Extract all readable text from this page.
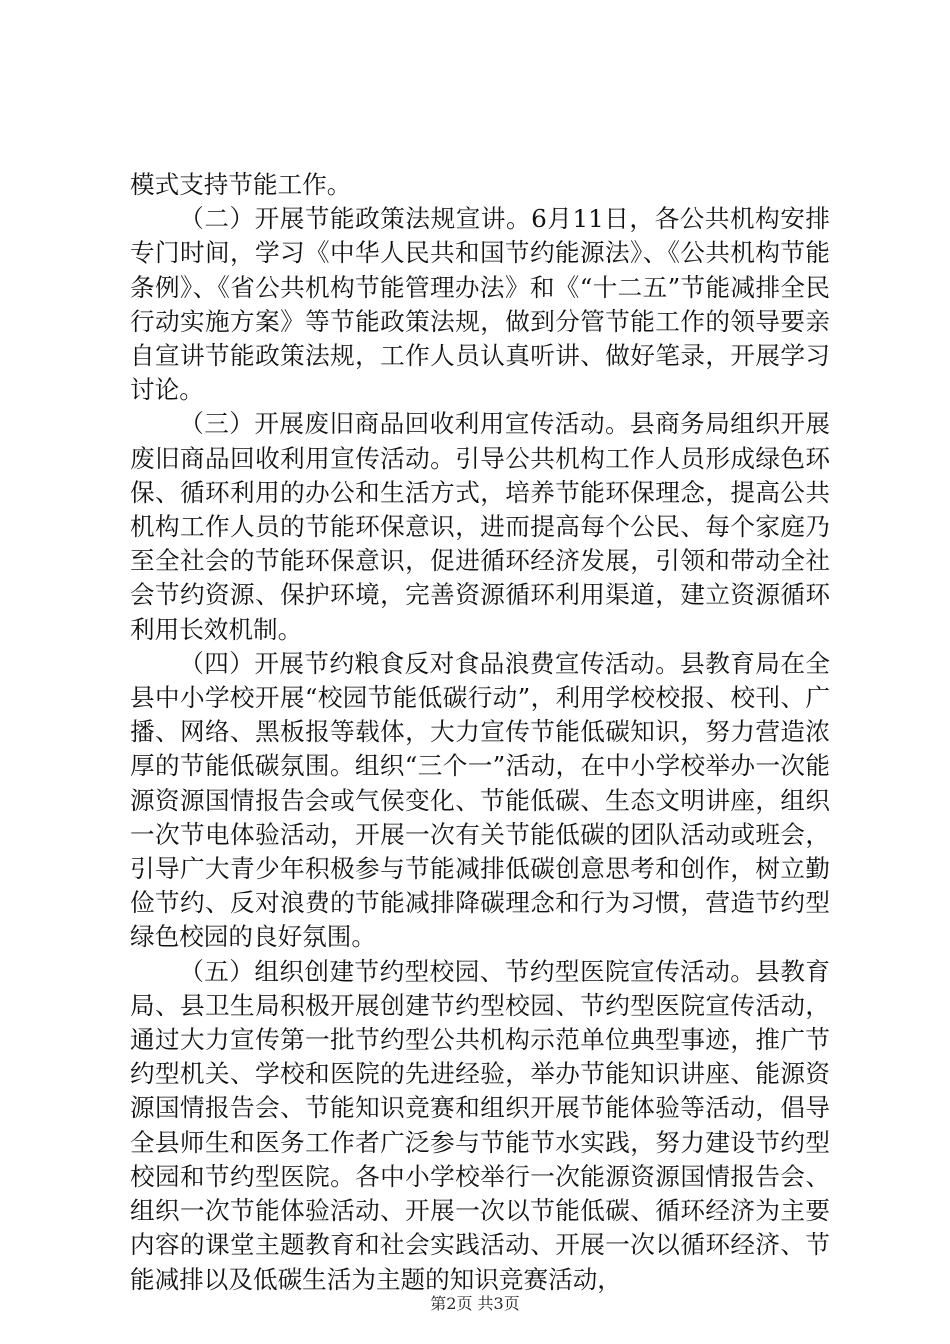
模式支持节能工作。

（二）开展节能政策法规宣讲。6月11日，各公共机构安排专门时间，学习《中华人民共和国节约能源法》、《公共机构节能条例》、《省公共机构节能管理办法》和《“十二五”节能减排全民行动实施方案》等节能政策法规，做到分管节能工作的领导要亲自宣讲节能政策法规，工作人员认真听讲、做好笔录，开展学习讨论。

（三）开展废旧商品回收利用宣传活动。县商务局组织开展废旧商品回收利用宣传活动。引导公共机构工作人员形成绿色环保、循环利用的办公和生活方式，培养节能环保理念，提高公共机构工作人员的节能环保意识，进而提高每个公民、每个家庭乃至全社会的节能环保意识，促进循环经济发展，引领和带动全社会节约资源、保护环境，完善资源循环利用渠道，建立资源循环利用长效机制。

（四）开展节约粮食反对食品浪费宣传活动。县教育局在全县中小学校开展“校园节能低碳行动”，利用学校校报、校刊、广播、网络、黑板报等载体，大力宣传节能低碳知识，努力营造浓厚的节能低碳氛围。组织“三个一”活动，在中小学校举办一次能源资源国情报告会或气侯变化、节能低碳、生态文明讲座，组织一次节电体验活动，开展一次有关节能低碳的团队活动或班会，引导广大青少年积极参与节能减排低碳创意思考和创作，树立勤俭节约、反对浪费的节能减排降碳理念和行为习惯，营造节约型绿色校园的良好氛围。

（五）组织创建节约型校园、节约型医院宣传活动。县教育局、县卫生局积极开展创建节约型校园、节约型医院宣传活动，通过大力宣传第一批节约型公共机构示范单位典型事迹，推广节约型机关、学校和医院的先进经验，举办节能知识讲座、能源资源国情报告会、节能知识竞赛和组织开展节能体验等活动，倡导全县师生和医务工作者广泛参与节能节水实践，努力建设节约型校园和节约型医院。各中小学校举行一次能源资源国情报告会、组织一次节能体验活动、开展一次以节能低碳、循环经济为主要内容的课堂主题教育和社会实践活动、开展一次以循环经济、节能减排以及低碳生活为主题的知识竞赛活动，

第2页 共3页
